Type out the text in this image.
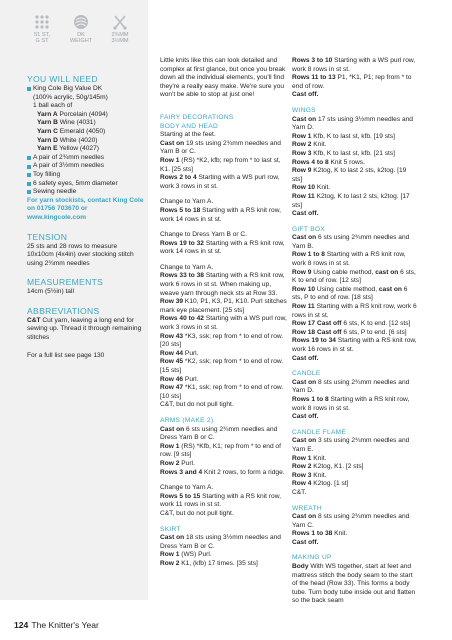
51 ST,
G ST
DK
WEIGHT
2¾MM
3½MM
YOU WILL NEED
King Cole Big Value DK
(100% acrylic, 50g/145m)
1 ball each of
Yarn A Porcelain (4094)
Yarn B Wine (4031)
Yarn C Emerald (4050)
Yarn D White (4020)
Yarn E Yellow (4027)
A pair of 2¾mm needles
A pair of 3½mm needles
Toy filling
6 safety eyes, 5mm diameter
Sewing needle
For yarn stockists, contact King Cole on 01756 703670 or www.kingcole.com
TENSION
25 sts and 28 rows to measure 10x10cm (4x4in) over stocking stitch using 2¾mm needles
MEASUREMENTS
14cm (5½in) tall
ABBREVIATIONS
C&T Cut yarn, leaving a long end for sewing up. Thread it through remaining stitches
For a full list see page 130

Little knits like this can look detailed and complex at first glance, but once you break down all the individual elements, you'll find they're a really easy make. We're sure you won't be able to stop at just one!

FAIRY DECORATIONS

BODY AND HEAD

Starting at the feet.

Cast on 19 sts using 2¾mm needles and Yarn B or C.

Row 1 (RS) *K2, kfb; rep from * to last st, K1. [25 sts]

Rows 2 to 4 Starting with a WS purl row, work 3 rows in st st.

Change to Yarn A.

Rows 5 to 18 Starting with a RS knit row, work 14 rows in st st.

Change to Dress Yarn B or C.

Rows 19 to 32 Starting with a RS knit row, work 14 rows in st st.

Change to Yarn A.

Rows 33 to 38 Starting with a RS knit row, work 6 rows in st st. When making up, weave yarn through neck sts at Row 33.

Row 39 K10, P1, K3, P1, K10. Purl stitches mark eye placement. [25 sts]

Rows 40 to 42 Starting with a WS purl row, work 3 rows in st st.

Row 43 *K3, ssk; rep from * to end of row. [20 sts]

Row 44 Purl.

Row 45 *K2, ssk; rep from * to end of row. [15 sts]

Row 46 Purl.

Row 47 *K1, ssk; rep from * to end of row. [10 sts]

C&T, but do not pull tight.

ARMS (MAKE 2)

Cast on 6 sts using 2¾mm needles and Dress Yarn B or C.

Row 1 (RS) *Kfb, K1; rep from * to end of row. [9 sts]

Row 2 Purl.

Rows 3 and 4 Knit 2 rows, to form a ridge.

Change to Yarn A.

Rows 5 to 15 Starting with a RS knit row, work 11 rows in st st.

C&T, but do not pull tight.

SKIRT

Cast on 18 sts using 3½mm needles and Dress Yarn B or C.

Row 1 (WS) Purl.

Row 2 K1, (kfb) 17 times. [35 sts]

Rows 3 to 10 Starting with a WS purl row, work 8 rows in st st.

Rows 11 to 13 P1, *K1, P1; rep from * to end of row.

Cast off.

WINGS

Cast on 17 sts using 3½mm needles and Yarn D.

Row 1 Kfb, K to last st, kfb. [19 sts]

Row 2 Knit.

Row 3 Kfb, K to last st, kfb. [21 sts]

Rows 4 to 8 Knit 5 rows.

Row 9 K2tog, K to last 2 sts, k2tog. [19 sts]

Row 10 Knit.

Row 11 K2tog, K to last 2 sts, k2tog. [17 sts]

Cast off.

GIFT BOX

Cast on 6 sts using 2¾mm needles and Yarn B.

Row 1 to 8 Starting with a RS knit row, work 8 rows in st st.

Row 9 Using cable method, cast on 6 sts, K to end of row. [12 sts]

Row 10 Using cable method, cast on 6 sts, P to end of row. [18 sts]

Row 11 Starting with a RS knit row, work 6 rows in st st.

Row 17 Cast off 6 sts, K to end. [12 sts]

Row 18 Cast off 6 sts, P to end. [6 sts]

Rows 19 to 34 Starting with a RS knit row, work 16 rows in st st.

Cast off.

CANDLE

Cast on 8 sts using 2¾mm needles and Yarn D.

Rows 1 to 8 Starting with a RS knit row, work 8 rows in st st.

Cast off.

CANDLE FLAME

Cast on 3 sts using 2¾mm needles and Yarn E.

Row 1 Knit.

Row 2 K2tog, K1. [2 sts]

Row 3 Knit.

Row 4 K2tog. [1 st]

C&T.

WREATH

Cast on 8 sts using 2¾mm needles and Yarn C.

Rows 1 to 38 Knit.

Cast off.

MAKING UP

Body With WS together, start at feet and mattress stitch the body seam to the start of the head (Row 33). This forms a body tube. Turn body tube inside out and flatten so the back seam

124 The Knitter's Year
